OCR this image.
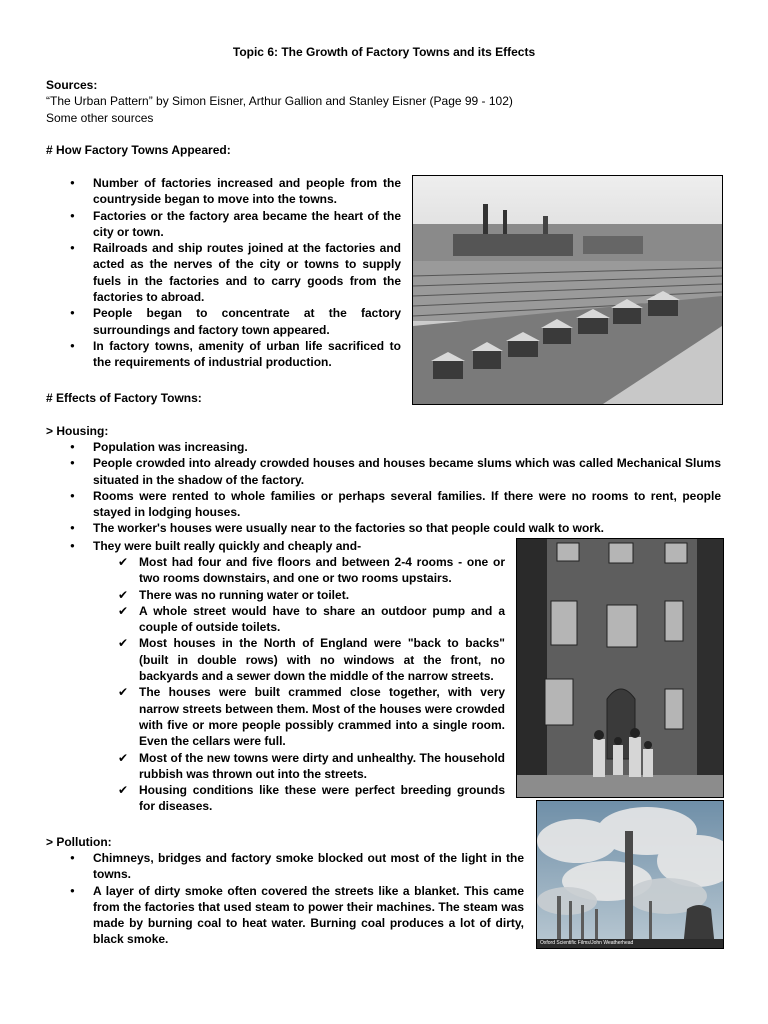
Topic 6: The Growth of Factory Towns and its Effects

Sources:

“The Urban Pattern” by Simon Eisner, Arthur Gallion and Stanley Eisner (Page 99 - 102)

Some other sources

# How Factory Towns Appeared:
● Number of factories increased and people from the countryside began to move into the towns.
● Factories or the factory area became the heart of the city or town.
● Railroads and ship routes joined at the factories and acted as the nerves of the city or towns to supply fuels in the factories and to carry goods from the factories to abroad.
● People began to concentrate at the factory surroundings and factory town appeared.
● In factory towns, amenity of urban life sacrificed to the requirements of industrial production.
# Effects of Factory Towns:
> Housing:
● Population was increasing.
● People crowded into already crowded houses and houses became slums which was called Mechanical Slums situated in the shadow of the factory.
● Rooms were rented to whole families or perhaps several families. If there were no rooms to rent, people stayed in lodging houses.
● The worker's houses were usually near to the factories so that people could walk to work.
● They were built really quickly and cheaply and-
✔ Most had four and five floors and between 2-4 rooms - one or two rooms downstairs, and one or two rooms upstairs.
✔ There was no running water or toilet.
✔ A whole street would have to share an outdoor pump and a couple of outside toilets.
✔ Most houses in the North of England were "back to backs" (built in double rows) with no windows at the front, no backyards and a sewer down the middle of the narrow streets.
✔ The houses were built crammed close together, with very narrow streets between them. Most of the houses were crowded with five or more people possibly crammed into a single room. Even the cellars were full.
✔ Most of the new towns were dirty and unhealthy. The household rubbish was thrown out into the streets.
✔ Housing conditions like these were perfect breeding grounds for diseases.
> Pollution:
● Chimneys, bridges and factory smoke blocked out most of the light in the towns.
● A layer of dirty smoke often covered the streets like a blanket. This came from the factories that used steam to power their machines. The steam was made by burning coal to heat water. Burning coal produces a lot of dirty, black smoke.	Oxford Scientific Films/John Weatherhead
